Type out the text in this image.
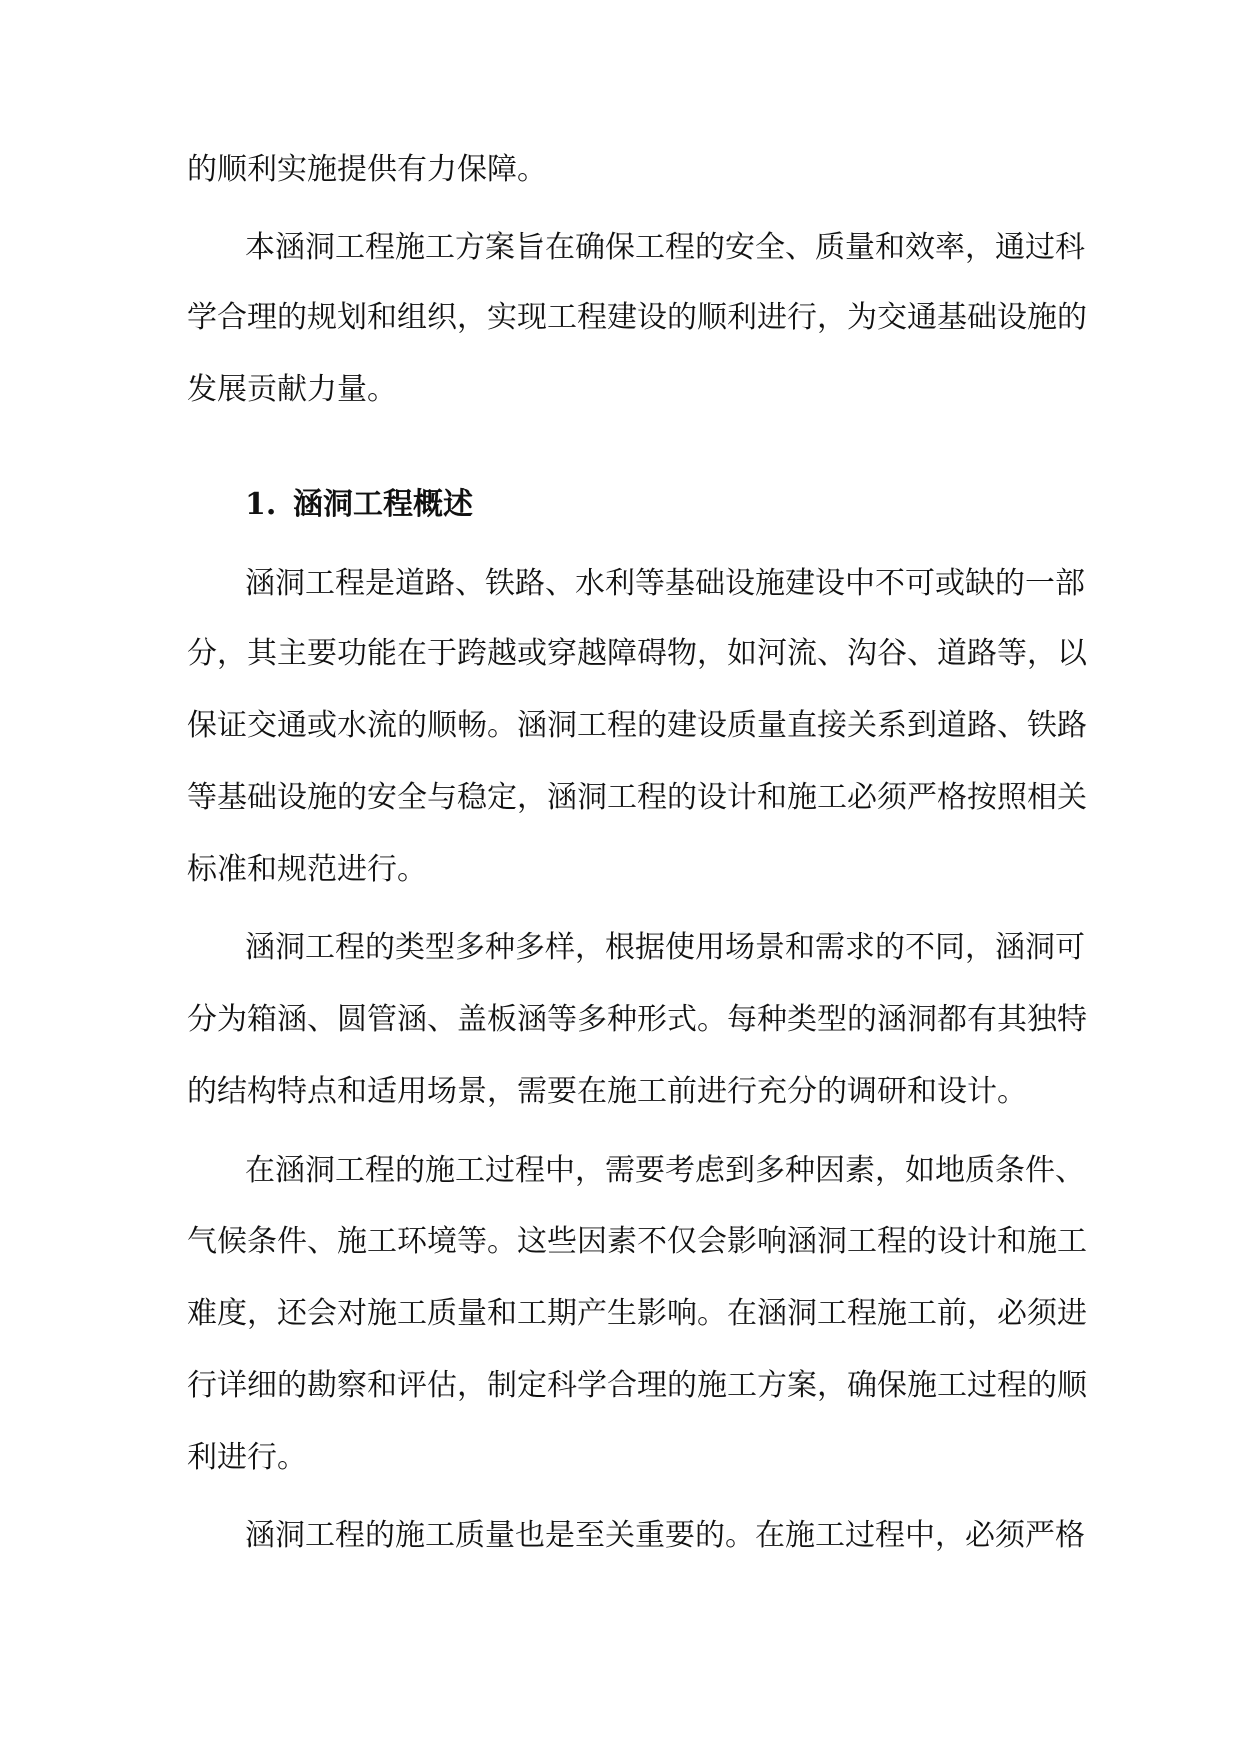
的顺利实施提供有力保障。
本涵洞工程施工方案旨在确保工程的安全、质量和效率，通过科
学合理的规划和组织，实现工程建设的顺利进行，为交通基础设施的
发展贡献力量。
1. 涵洞工程概述
涵洞工程是道路、铁路、水利等基础设施建设中不可或缺的一部
分，其主要功能在于跨越或穿越障碍物，如河流、沟谷、道路等，以
保证交通或水流的顺畅。涵洞工程的建设质量直接关系到道路、铁路
等基础设施的安全与稳定，涵洞工程的设计和施工必须严格按照相关
标准和规范进行。
涵洞工程的类型多种多样，根据使用场景和需求的不同，涵洞可
分为箱涵、圆管涵、盖板涵等多种形式。每种类型的涵洞都有其独特
的结构特点和适用场景，需要在施工前进行充分的调研和设计。
在涵洞工程的施工过程中，需要考虑到多种因素，如地质条件、
气候条件、施工环境等。这些因素不仅会影响涵洞工程的设计和施工
难度，还会对施工质量和工期产生影响。在涵洞工程施工前，必须进
行详细的勘察和评估，制定科学合理的施工方案，确保施工过程的顺
利进行。
涵洞工程的施工质量也是至关重要的。在施工过程中，必须严格
